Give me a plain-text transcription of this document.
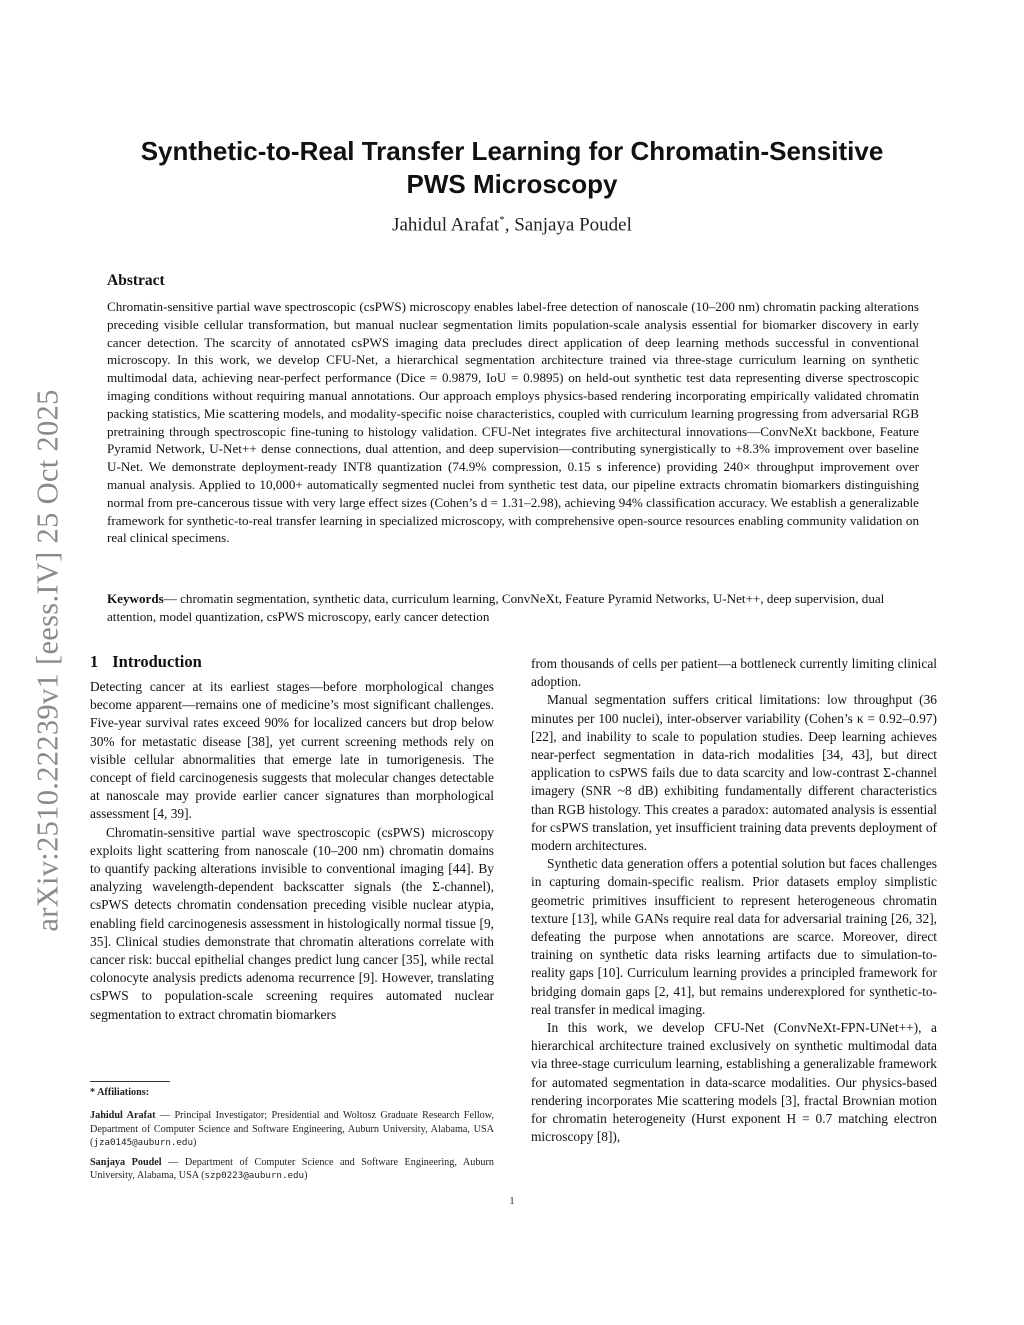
arXiv:2510.22239v1 [eess.IV] 25 Oct 2025
Synthetic-to-Real Transfer Learning for Chromatin-Sensitive
PWS Microscopy
Jahidul Arafat*, Sanjaya Poudel
Abstract

Chromatin-sensitive partial wave spectroscopic (csPWS) microscopy enables label-free detection of nanoscale (10–200 nm) chromatin packing alterations preceding visible cellular transformation, but manual nuclear segmentation limits population-scale analysis essential for biomarker discovery in early cancer detection. The scarcity of annotated csPWS imaging data precludes direct application of deep learning methods successful in conventional microscopy. In this work, we develop CFU-Net, a hierarchical segmentation architecture trained via three-stage curriculum learning on synthetic multimodal data, achieving near-perfect performance (Dice = 0.9879, IoU = 0.9895) on held-out synthetic test data representing diverse spectroscopic imaging conditions without requiring manual annotations. Our approach employs physics-based rendering incorporating empirically validated chromatin packing statistics, Mie scattering models, and modality-specific noise characteristics, coupled with curriculum learning progressing from adversarial RGB pretraining through spectroscopic fine-tuning to histology validation. CFU-Net integrates five architectural innovations—ConvNeXt backbone, Feature Pyramid Network, U-Net++ dense connections, dual attention, and deep supervision—contributing synergistically to +8.3% improvement over baseline U-Net. We demonstrate deployment-ready INT8 quantization (74.9% compression, 0.15 s inference) providing 240× throughput improvement over manual analysis. Applied to 10,000+ automatically segmented nuclei from synthetic test data, our pipeline extracts chromatin biomarkers distinguishing normal from pre-cancerous tissue with very large effect sizes (Cohen’s d = 1.31–2.98), achieving 94% classification accuracy. We establish a generalizable framework for synthetic-to-real transfer learning in specialized microscopy, with comprehensive open-source resources enabling community validation on real clinical specimens.

Keywords— chromatin segmentation, synthetic data, curriculum learning, ConvNeXt, Feature Pyramid Networks, U-Net++, deep supervision, dual attention, model quantization, csPWS microscopy, early cancer detection
1 Introduction

Detecting cancer at its earliest stages—before morphological changes become apparent—remains one of medicine’s most significant challenges. Five-year survival rates exceed 90% for localized cancers but drop below 30% for metastatic disease [38], yet current screening methods rely on visible cellular abnormalities that emerge late in tumorigenesis. The concept of field carcinogenesis suggests that molecular changes detectable at nanoscale may provide earlier cancer signatures than morphological assessment [4, 39].

Chromatin-sensitive partial wave spectroscopic (csPWS) microscopy exploits light scattering from nanoscale (10–200 nm) chromatin domains to quantify packing alterations invisible to conventional imaging [44]. By analyzing wavelength-dependent backscatter signals (the Σ-channel), csPWS detects chromatin condensation preceding visible nuclear atypia, enabling field carcinogenesis assessment in histologically normal tissue [9, 35]. Clinical studies demonstrate that chromatin alterations correlate with cancer risk: buccal epithelial changes predict lung cancer [35], while rectal colonocyte analysis predicts adenoma recurrence [9]. However, translating csPWS to population-scale screening requires automated nuclear segmentation to extract chromatin biomarkers

from thousands of cells per patient—a bottleneck currently limiting clinical adoption.

Manual segmentation suffers critical limitations: low throughput (36 minutes per 100 nuclei), inter-observer variability (Cohen’s κ = 0.92–0.97) [22], and inability to scale to population studies. Deep learning achieves near-perfect segmentation in data-rich modalities [34, 43], but direct application to csPWS fails due to data scarcity and low-contrast Σ-channel imagery (SNR ~8 dB) exhibiting fundamentally different characteristics than RGB histology. This creates a paradox: automated analysis is essential for csPWS translation, yet insufficient training data prevents deployment of modern architectures.

Synthetic data generation offers a potential solution but faces challenges in capturing domain-specific realism. Prior datasets employ simplistic geometric primitives insufficient to represent heterogeneous chromatin texture [13], while GANs require real data for adversarial training [26, 32], defeating the purpose when annotations are scarce. Moreover, direct training on synthetic data risks learning artifacts due to simulation-to-reality gaps [10]. Curriculum learning provides a principled framework for bridging domain gaps [2, 41], but remains underexplored for synthetic-to-real transfer in medical imaging.

In this work, we develop CFU-Net (ConvNeXt-FPN-UNet++), a hierarchical architecture trained exclusively on synthetic multimodal data via three-stage curriculum learning, establishing a generalizable framework for automated segmentation in data-scarce modalities. Our physics-based rendering incorporates Mie scattering models [3], fractal Brownian motion for chromatin heterogeneity (Hurst exponent H = 0.7 matching electron microscopy [8]),

* Affiliations:
Jahidul Arafat — Principal Investigator; Presidential and Woltosz Graduate Research Fellow, Department of Computer Science and Software Engineering, Auburn University, Alabama, USA (jza0145@auburn.edu)
Sanjaya Poudel — Department of Computer Science and Software Engineering, Auburn University, Alabama, USA (szp0223@auburn.edu)
1
